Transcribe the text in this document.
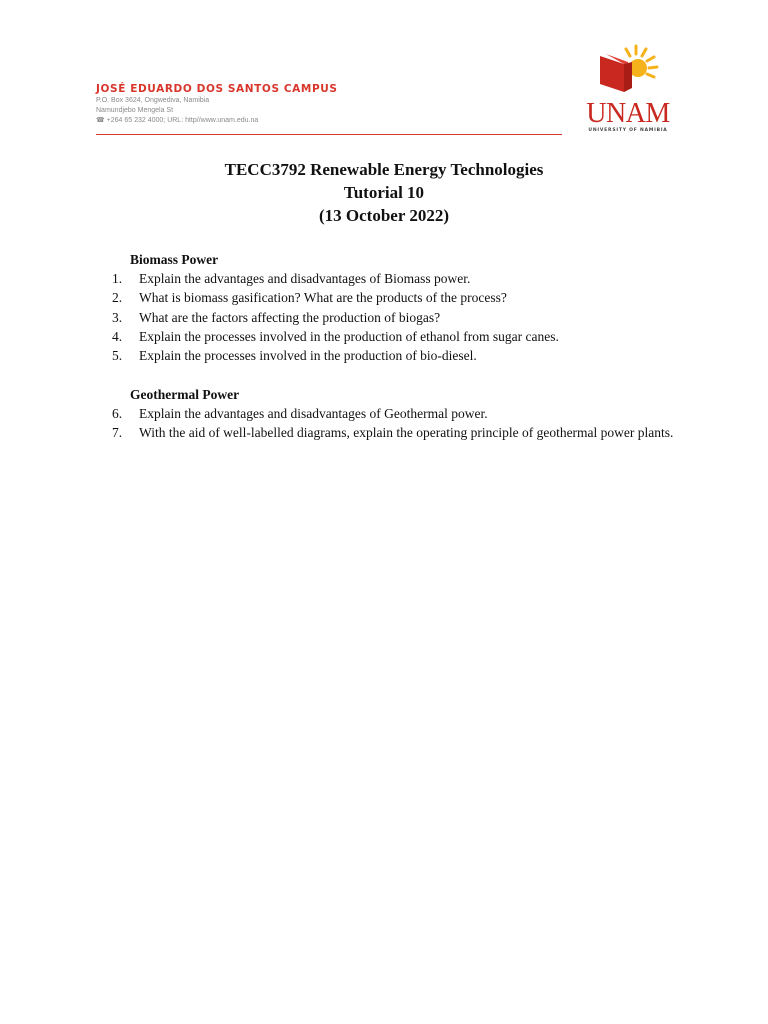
JOSÉ EDUARDO DOS SANTOS CAMPUS
P.O. Box 3624, Ongwediva, Namibia
Namundjebo Mengela St
☎ +264 65 232 4000; URL: http//www.unam.edu.na	UNAM
UNIVERSITY OF NAMIBIA
TECC3792 Renewable Energy Technologies
Tutorial 10
(13 October 2022)
Biomass Power
1.	Explain the advantages and disadvantages of Biomass power.
2.	What is biomass gasification? What are the products of the process?
3.	What are the factors affecting the production of biogas?
4.	Explain the processes involved in the production of ethanol from sugar canes.
5.	Explain the processes involved in the production of bio-diesel.
Geothermal Power
6.	Explain the advantages and disadvantages of Geothermal power.
7.	With the aid of well-labelled diagrams, explain the operating principle of geothermal power plants.
